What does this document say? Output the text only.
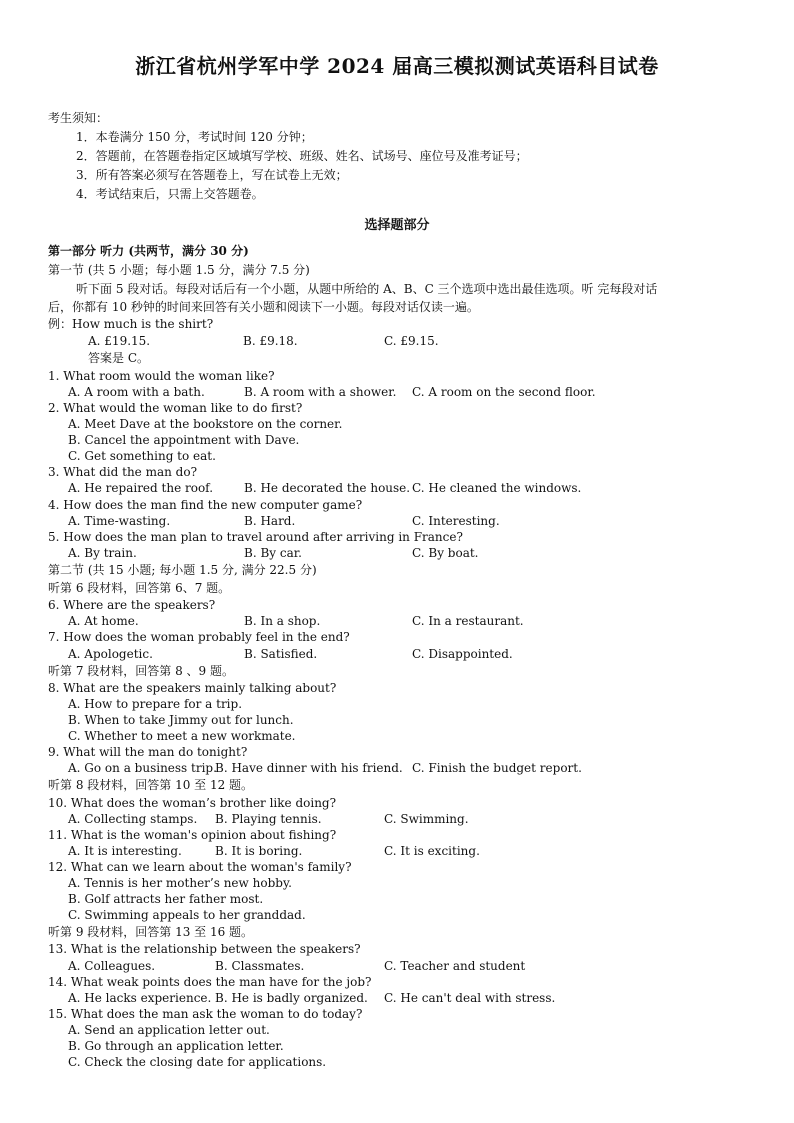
浙江省杭州学军中学 2024 届高三模拟测试英语科目试卷
考生须知：
1．本卷满分 150 分，考试时间 120 分钟；
2．答题前，在答题卷指定区域填写学校、班级、姓名、试场号、座位号及准考证号；
3．所有答案必须写在答题卷上，写在试卷上无效；
4．考试结束后，只需上交答题卷。
选择题部分
第一部分 听力 (共两节，满分 30 分)
第一节 (共 5 小题；每小题 1.5 分，满分 7.5 分)
听下面 5 段对话。每段对话后有一个小题，从题中所给的 A、B、C 三个选项中选出最佳选项。听 完每段对话
后，你都有 10 秒钟的时间来回答有关小题和阅读下一小题。每段对话仅读一遍。
例：How much is the shirt?
A. £19.15.	B. £9.18.	C. £9.15.
答案是 C。
1. What room would the woman like?
A. A room with a bath.	B. A room with a shower. C. A room on the second floor.
2. What would the woman like to do first?
A. Meet Dave at the bookstore on the corner.
B. Cancel the appointment with Dave.
C. Get something to eat.
3. What did the man do?
A. He repaired the roof.	B. He decorated the house. C. He cleaned the windows.
4. How does the man find the new computer game?
A. Time-wasting.	B. Hard.	C. Interesting.
5. How does the man plan to travel around after arriving in France?
A. By train.	B. By car.	C. By boat.
第二节 (共 15 小题; 每小题 1.5 分, 满分 22.5 分)
听第 6 段材料，回答第 6、7 题。
6. Where are the speakers?
A. At home.	B. In a shop.	C. In a restaurant.
7. How does the woman probably feel in the end?
A. Apologetic.	B. Satisfied.	C. Disappointed.
听第 7 段材料，回答第 8 、9 题。
8. What are the speakers mainly talking about?
A. How to prepare for a trip.
B. When to take Jimmy out for lunch.
C. Whether to meet a new workmate.
9. What will the man do tonight?
A. Go on a business trip.
B. Have dinner with his friend. C. Finish the budget report.
听第 8 段材料，回答第 10 至 12 题。
10. What does the woman’s brother like doing?
A. Collecting stamps. B. Playing tennis.	C. Swimming.
11. What is the woman's opinion about fishing?
A. It is interesting.	B. It is boring.	C. It is exciting.
12. What can we learn about the woman's family?
A. Tennis is her mother’s new hobby.
B. Golf attracts her father most.
C. Swimming appeals to her granddad.
听第 9 段材料，回答第 13 至 16 题。
13. What is the relationship between the speakers?
A. Colleagues.	B. Classmates.	C. Teacher and student
14. What weak points does the man have for the job?
A. He lacks experience. B. He is badly organized. C. He can't deal with stress.
15. What does the man ask the woman to do today?
A. Send an application letter out.
B. Go through an application letter.
C. Check the closing date for applications.
